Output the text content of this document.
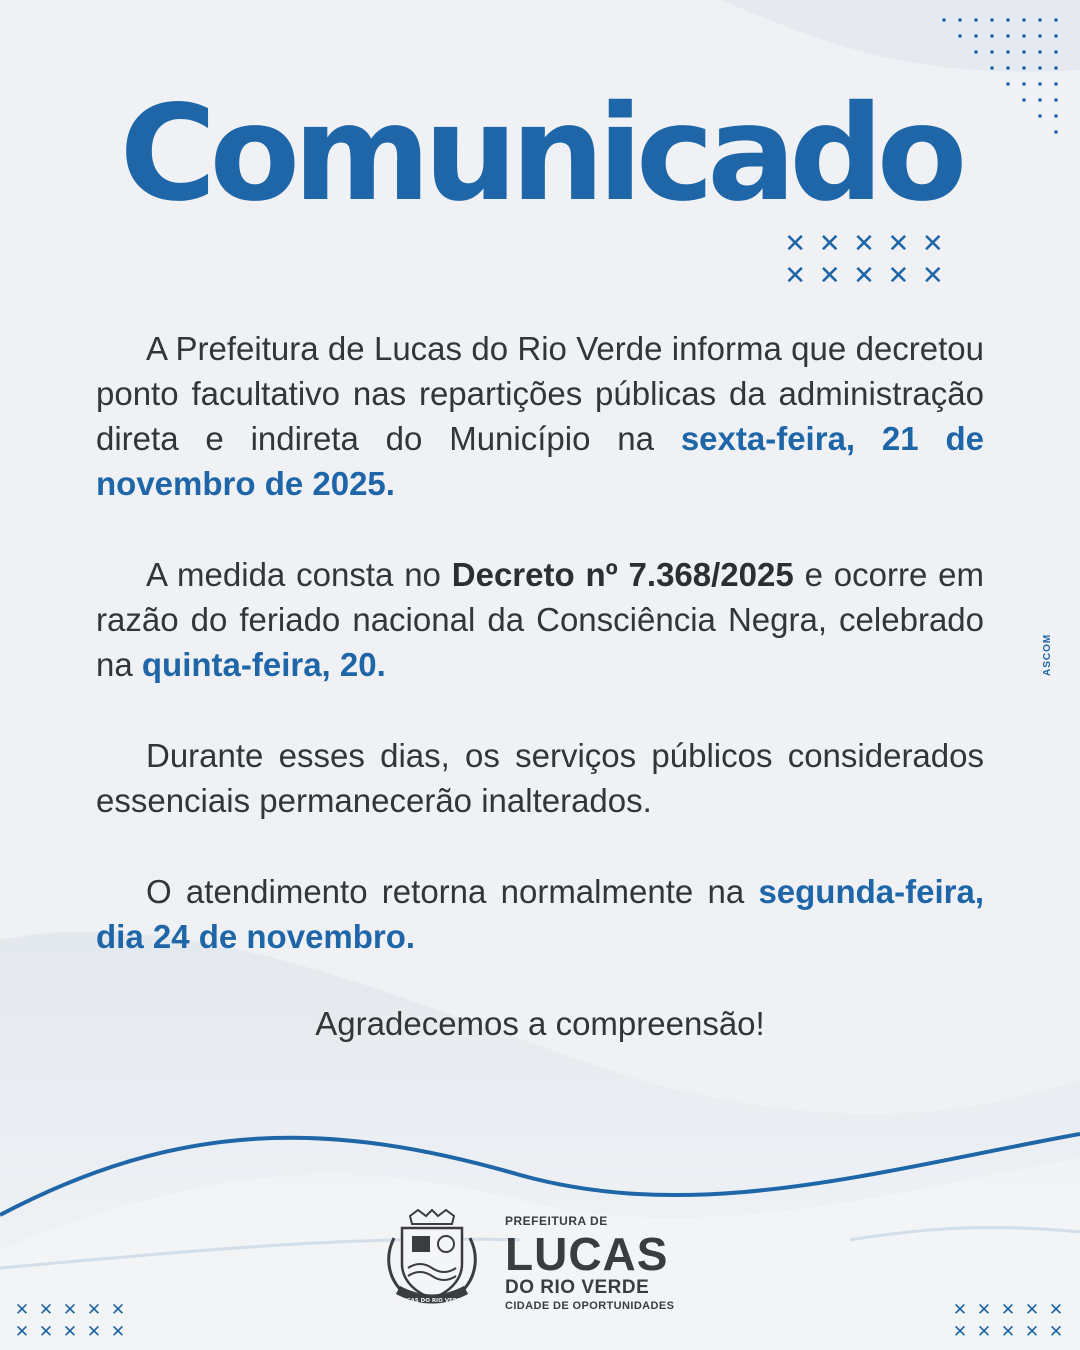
Comunicado
✕ ✕ ✕ ✕ ✕
✕ ✕ ✕ ✕ ✕

A Prefeitura de Lucas do Rio Verde informa que decretou ponto facultativo nas repartições públicas da administração direta e indireta do Município na sexta-feira, 21 de novembro de 2025.

A medida consta no Decreto nº 7.368/2025 e ocorre em razão do feriado nacional da Consciência Negra, celebrado na quinta-feira, 20.

Durante esses dias, os serviços públicos considerados essenciais permanecerão inalterados.

O atendimento retorna normalmente na segunda-feira, dia 24 de novembro.

Agradecemos a compreensão!

ASCOM
LUCAS DO RIO VERDE
PREFEITURA DE
LUCAS
DO RIO VERDE
CIDADE DE OPORTUNIDADES
✕ ✕ ✕ ✕ ✕
✕ ✕ ✕ ✕ ✕
✕ ✕ ✕ ✕ ✕
✕ ✕ ✕ ✕ ✕
